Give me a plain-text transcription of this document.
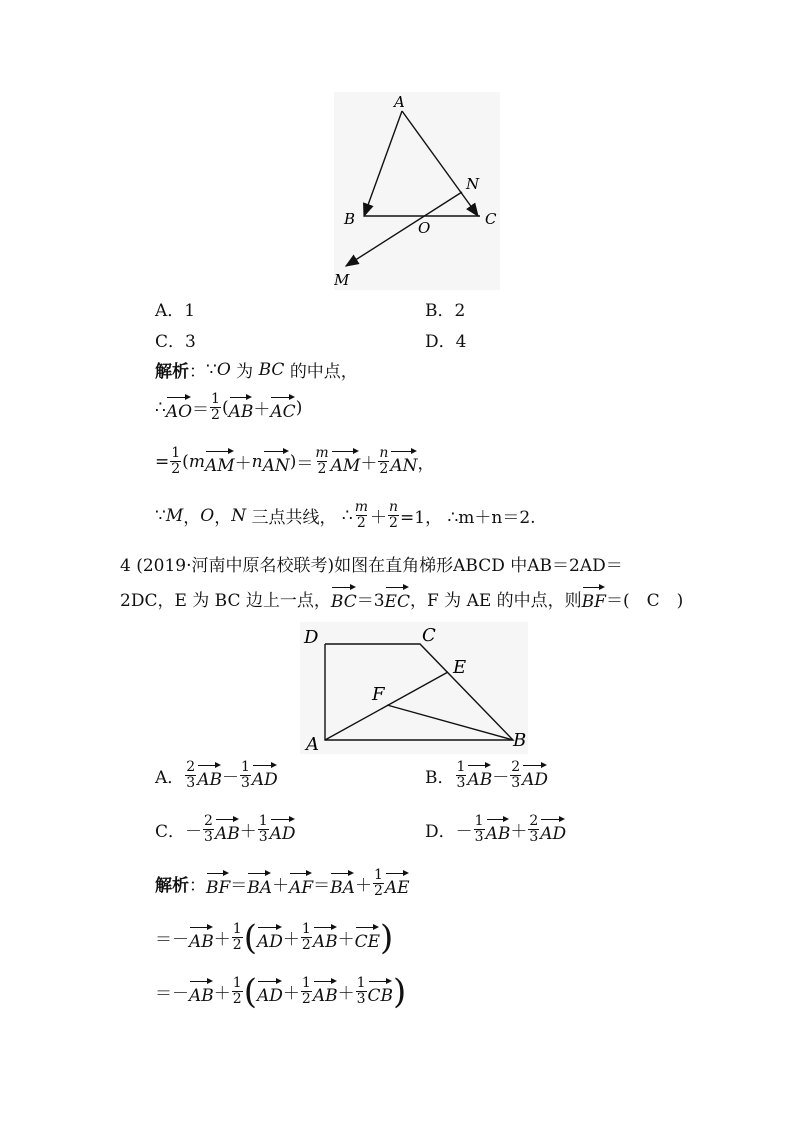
A
N
B	O	C
M
A．1	B．2
C．3	D．4
解析 ： ∵ O
为
BC
的中点，
∴ AO ＝ $\frac{1}{2}$ ( AB ＋ AC )
= $\frac{1}{2}$ ( m AM ＋ n AN ) ＝ $\frac{m}{2}$ AM ＋ $\frac{n}{2}$ AN ，
∵ M ， O ， N
三点共线，
∴ $\frac{m}{2} + \frac{n}{2} =1$，
∴m＋n＝2.
4 (2019·河南中原名校联考)如图在直角梯形ABCD 中AB＝2AD＝
2DC，E 为 BC 边上一点， BC ＝3 EC ，F 为 AE 的中点，则 BF ＝(　C　)
D	C
E
F
A	B
A． $\frac{2}{3}$ AB － $\frac{1}{3}$ AD	B． $\frac{1}{3}$ AB － $\frac{2}{3}$ AD
C． － $\frac{2}{3}$ AB ＋ $\frac{1}{3}$ AD	D． － $\frac{1}{3}$ AB ＋ $\frac{2}{3}$ AD
解析 ： BF ＝ BA ＋ AF ＝ BA ＋ $\frac{1}{2}$ AE
＝ － AB ＋ $\frac{1}{2}$ ( AD ＋ $\frac{1}{2}$ AB ＋ CE )
＝ － AB ＋ $\frac{1}{2}$ ( AD ＋ $\frac{1}{2}$ AB ＋ $\frac{1}{3}$ CB )
